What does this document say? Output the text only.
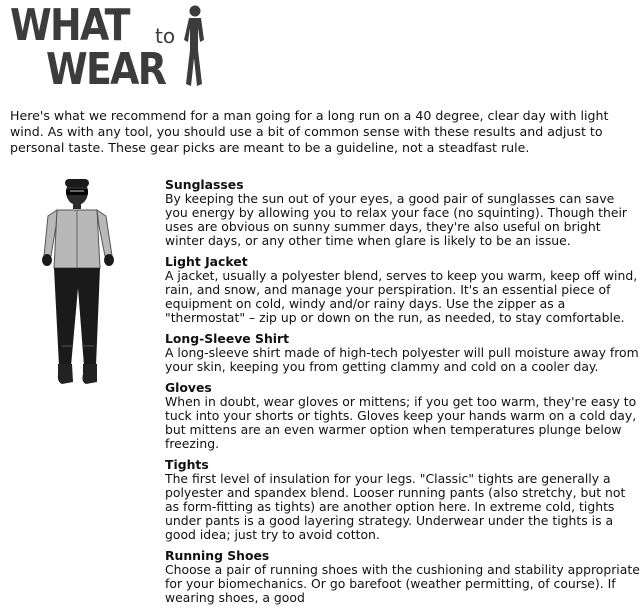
WHAT to
WEAR

Here's what we recommend for a man going for a long run on a 40 degree, clear day with light wind. As with any tool, you should use a bit of common sense with these results and adjust to personal taste. These gear picks are meant to be a guideline, not a steadfast rule.

Sunglasses

By keeping the sun out of your eyes, a good pair of sunglasses can save you energy by allowing you to relax your face (no squinting). Though their uses are obvious on sunny summer days, they're also useful on bright winter days, or any other time when glare is likely to be an issue.

Light Jacket

A jacket, usually a polyester blend, serves to keep you warm, keep off wind, rain, and snow, and manage your perspiration. It's an essential piece of equipment on cold, windy and/or rainy days. Use the zipper as a "thermostat" – zip up or down on the run, as needed, to stay comfortable.

Long-Sleeve Shirt

A long-sleeve shirt made of high-tech polyester will pull moisture away from your skin, keeping you from getting clammy and cold on a cooler day.

Gloves

When in doubt, wear gloves or mittens; if you get too warm, they're easy to tuck into your shorts or tights. Gloves keep your hands warm on a cold day, but mittens are an even warmer option when temperatures plunge below freezing.

Tights

The first level of insulation for your legs. "Classic" tights are generally a polyester and spandex blend. Looser running pants (also stretchy, but not as form-fitting as tights) are another option here. In extreme cold, tights under pants is a good layering strategy. Underwear under the tights is a good idea; just try to avoid cotton.

Running Shoes

Choose a pair of running shoes with the cushioning and stability appropriate for your biomechanics. Or go barefoot (weather permitting, of course). If wearing shoes, a good
